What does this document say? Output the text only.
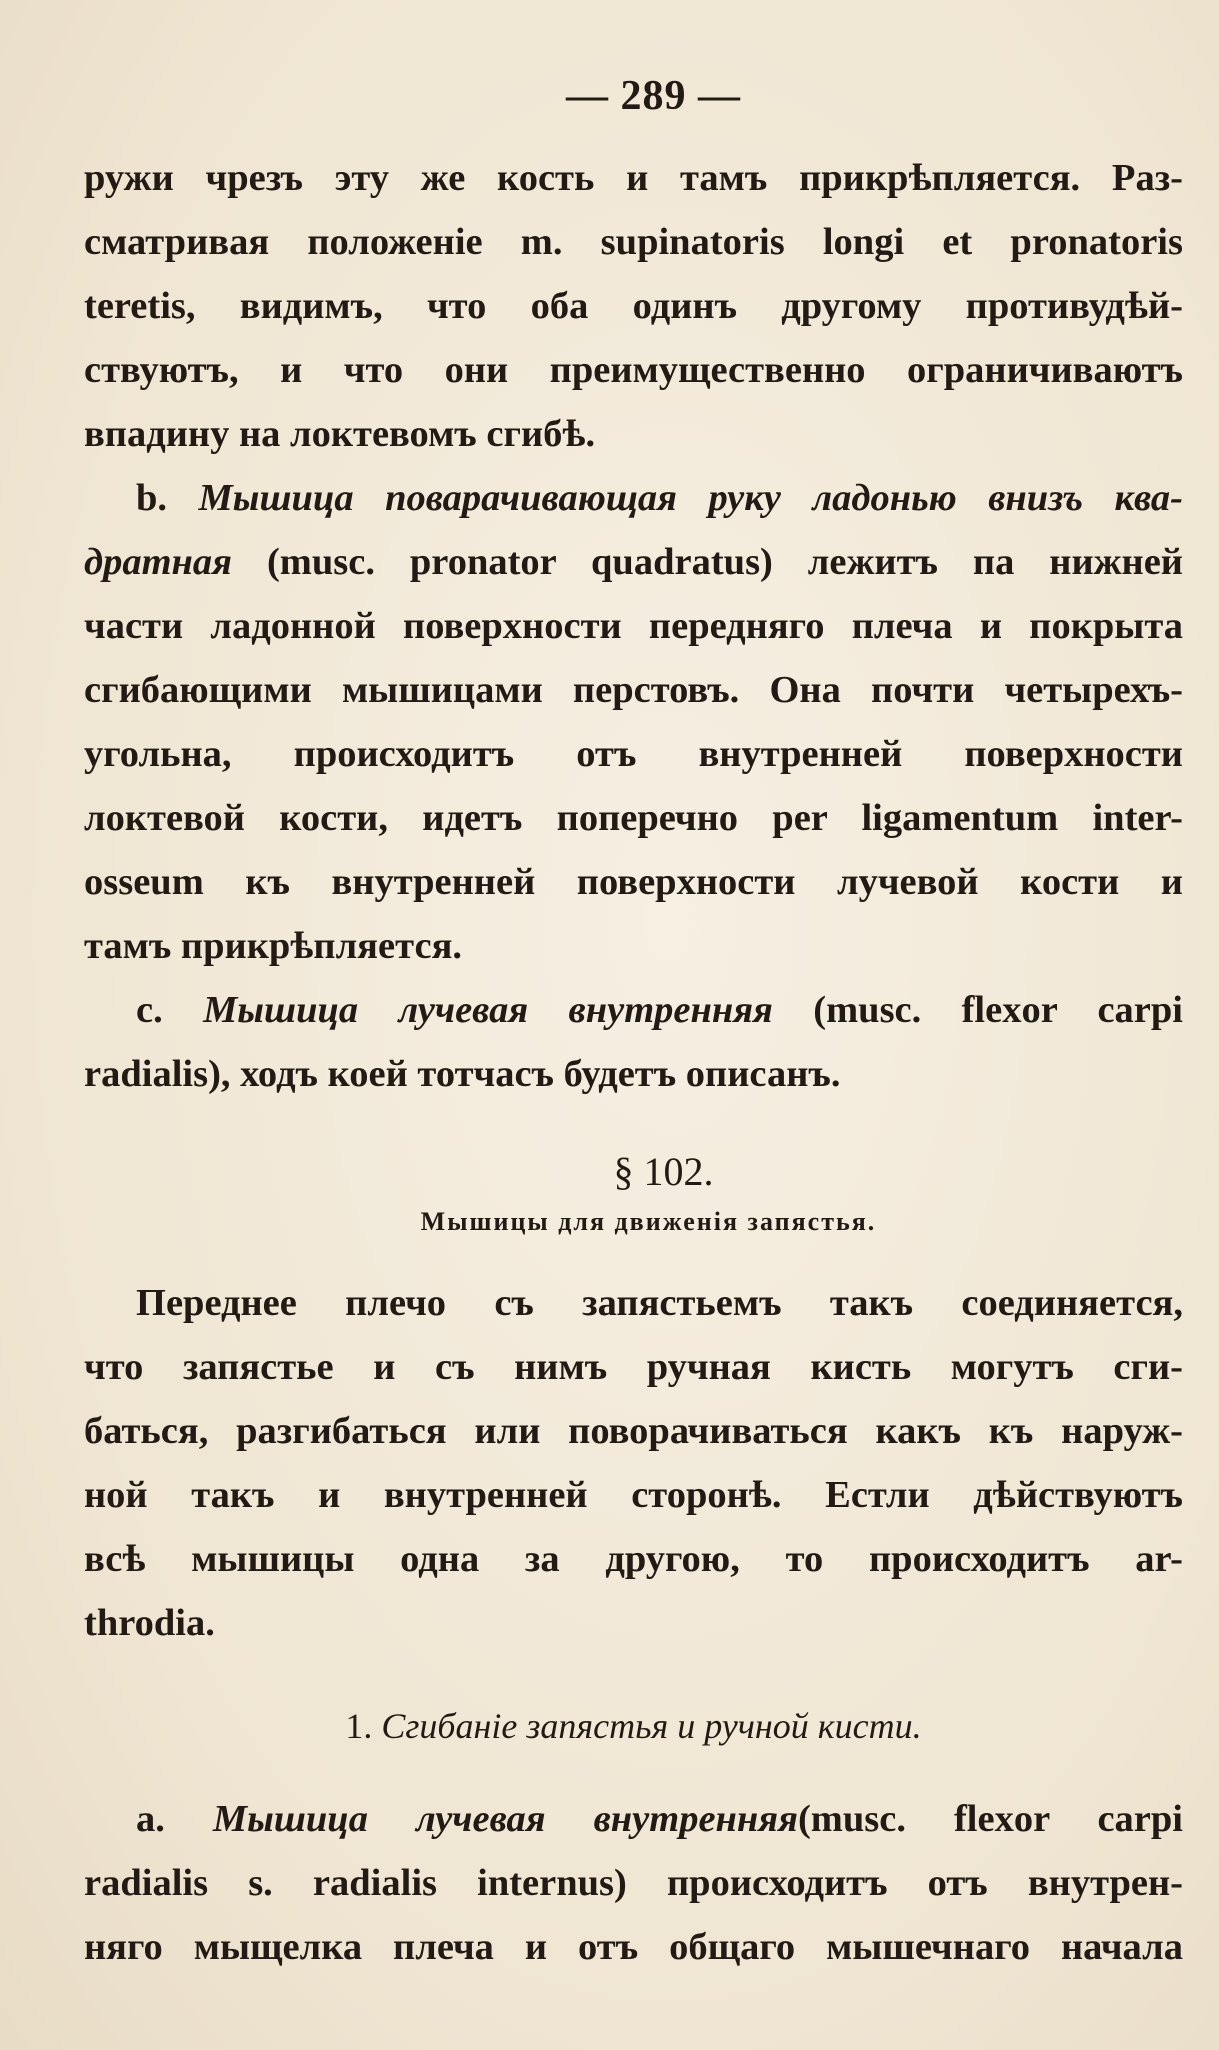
— 289 —
ружи чрезъ эту же кость и тамъ прикрѣпляется. Раз-
сматривая положеніе m. supinatoris longi et pronatoris
teretis, видимъ, что оба одинъ другому противудѣй-
ствуютъ, и что они преимущественно ограничиваютъ
впадину на локтевомъ сгибѣ.
b. Мышица поварачивающая руку ладонью внизъ ква-
дратная (musc. pronator quadratus) лежитъ па нижней
части ладонной поверхности передняго плеча и покрыта
сгибающими мышицами перстовъ. Она почти четырехъ-
угольна, происходитъ отъ внутренней поверхности
локтевой кости, идетъ поперечно per ligamentum inter-
osseum къ внутренней поверхности лучевой кости и
тамъ прикрѣпляется.
c. Мышица лучевая внутренняя (musc. flexor carpi
radialis), ходъ коей тотчасъ будетъ описанъ.
§ 102.
Мышицы для движенія запястья.
Переднее плечо съ запястьемъ такъ соединяется,
что запястье и съ нимъ ручная кисть могутъ сги-
баться, разгибаться или поворачиваться какъ къ наруж-
ной такъ и внутренней сторонѣ. Естли дѣйствуютъ
всѣ мышицы одна за другою, то происходитъ ar-
throdia.
1. Сгибаніе запястья и ручной кисти.
a. Мышица лучевая внутренняя(musc. flexor carpi
radialis s. radialis internus) происходитъ отъ внутрен-
няго мыщелка плеча и отъ общаго мышечнаго начала
